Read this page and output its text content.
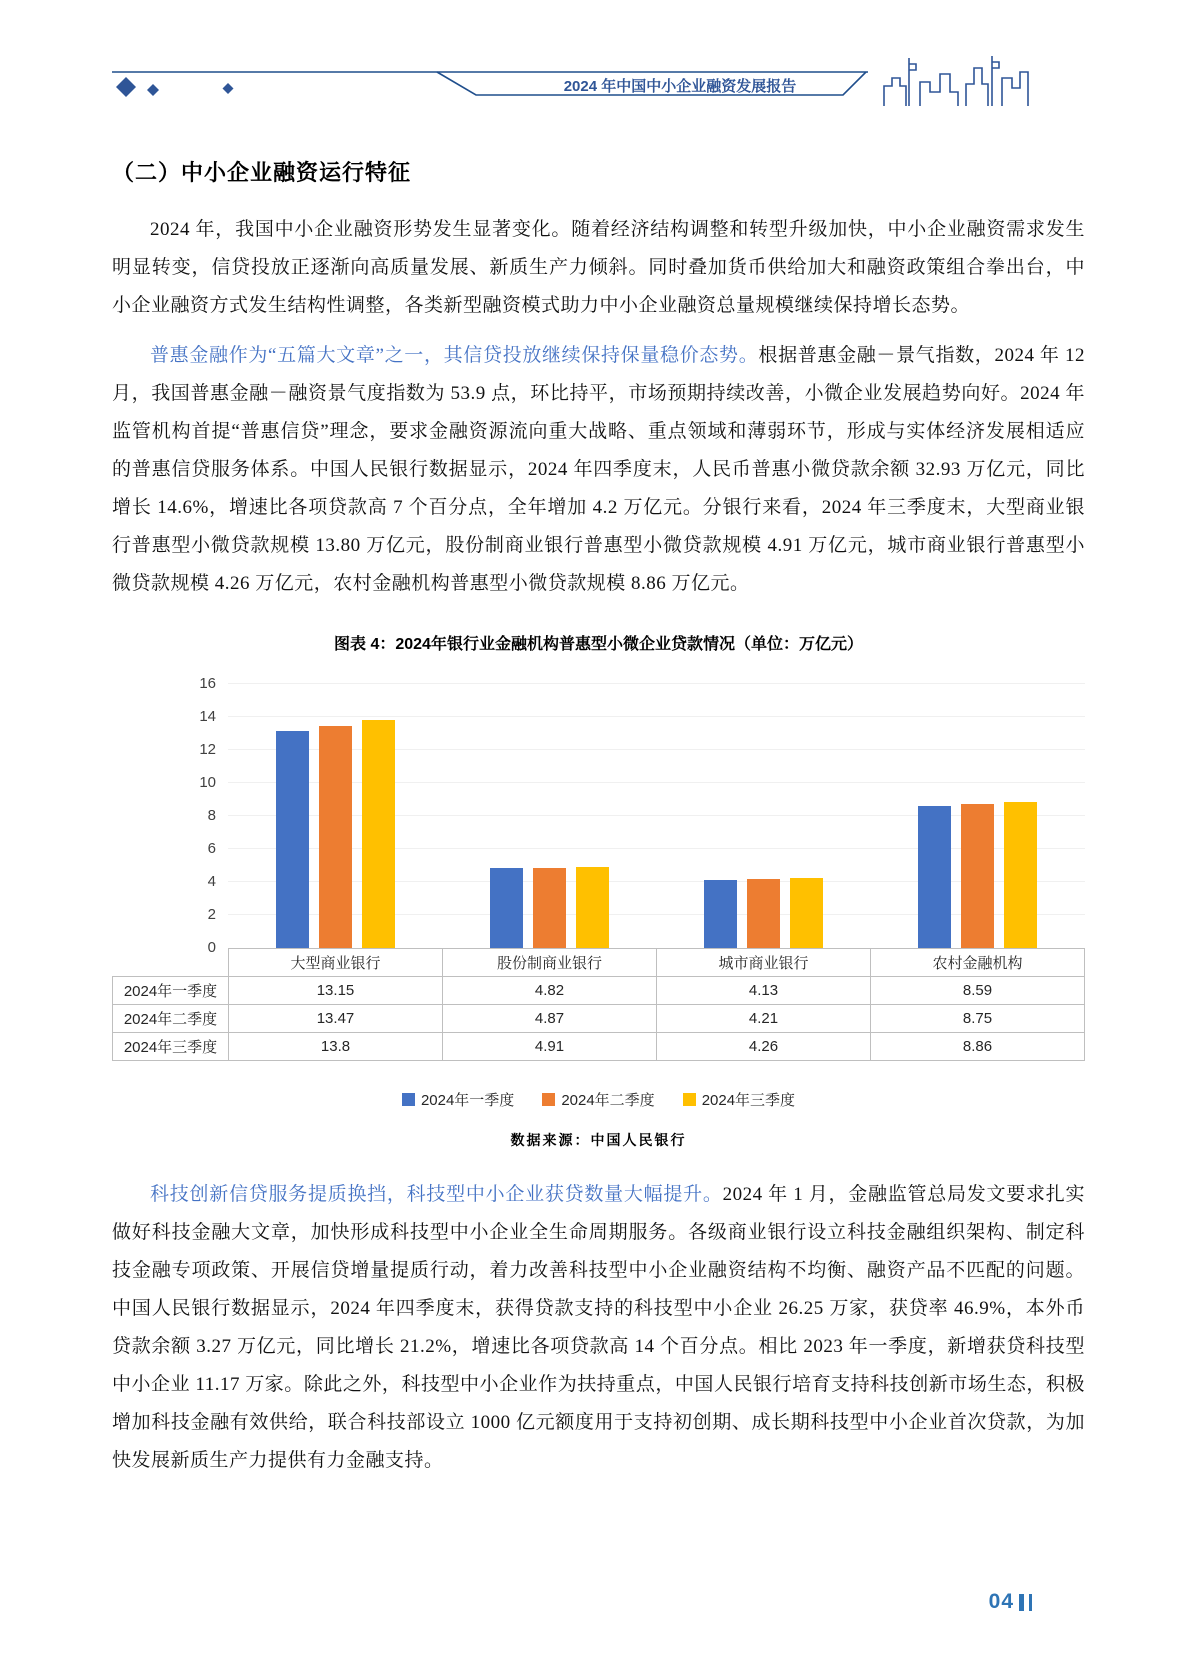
2024 年中国中小企业融资发展报告
（二）中小企业融资运行特征

2024 年，我国中小企业融资形势发生显著变化。随着经济结构调整和转型升级加快，中小企业融资需求发生明显转变，信贷投放正逐渐向高质量发展、新质生产力倾斜。同时叠加货币供给加大和融资政策组合拳出台，中小企业融资方式发生结构性调整，各类新型融资模式助力中小企业融资总量规模继续保持增长态势。

普惠金融作为“五篇大文章”之一，其信贷投放继续保持保量稳价态势。根据普惠金融－景气指数，2024 年 12 月，我国普惠金融－融资景气度指数为 53.9 点，环比持平，市场预期持续改善，小微企业发展趋势向好。2024 年监管机构首提“普惠信贷”理念，要求金融资源流向重大战略、重点领域和薄弱环节，形成与实体经济发展相适应的普惠信贷服务体系。中国人民银行数据显示，2024 年四季度末，人民币普惠小微贷款余额 32.93 万亿元，同比增长 14.6%，增速比各项贷款高 7 个百分点，全年增加 4.2 万亿元。分银行来看，2024 年三季度末，大型商业银行普惠型小微贷款规模 13.80 万亿元，股份制商业银行普惠型小微贷款规模 4.91 万亿元，城市商业银行普惠型小微贷款规模 4.26 万亿元，农村金融机构普惠型小微贷款规模 8.86 万亿元。

图表 4：2024年银行业金融机构普惠型小微企业贷款情况（单位：万亿元）
0
2
4
6
8
10
12
14
16
	大型商业银行	股份制商业银行	城市商业银行	农村金融机构
2024年一季度	13.15	4.82	4.13	8.59
2024年二季度	13.47	4.87	4.21	8.75
2024年三季度	13.8	4.91	4.26	8.86
2024年一季度	2024年二季度	2024年三季度
数据来源：中国人民银行

科技创新信贷服务提质换挡，科技型中小企业获贷数量大幅提升。2024 年 1 月，金融监管总局发文要求扎实做好科技金融大文章，加快形成科技型中小企业全生命周期服务。各级商业银行设立科技金融组织架构、制定科技金融专项政策、开展信贷增量提质行动，着力改善科技型中小企业融资结构不均衡、融资产品不匹配的问题。中国人民银行数据显示，2024 年四季度末，获得贷款支持的科技型中小企业 26.25 万家，获贷率 46.9%，本外币贷款余额 3.27 万亿元，同比增长 21.2%，增速比各项贷款高 14 个百分点。相比 2023 年一季度，新增获贷科技型中小企业 11.17 万家。除此之外，科技型中小企业作为扶持重点，中国人民银行培育支持科技创新市场生态，积极增加科技金融有效供给，联合科技部设立 1000 亿元额度用于支持初创期、成长期科技型中小企业首次贷款，为加快发展新质生产力提供有力金融支持。

04
